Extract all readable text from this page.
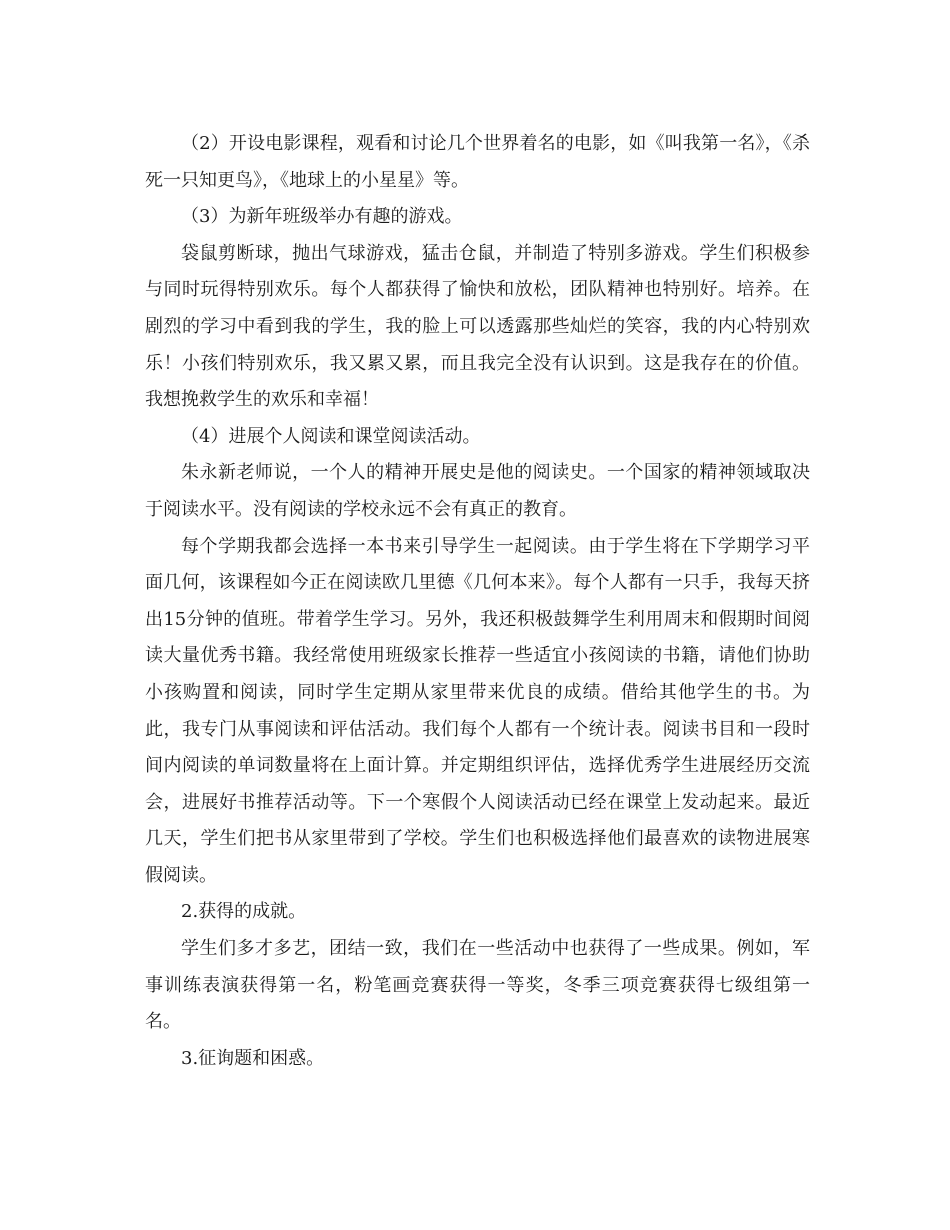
（2）开设电影课程，观看和讨论几个世界着名的电影，如《叫我第一名》，《杀死一只知更鸟》，《地球上的小星星》等。

（3）为新年班级举办有趣的游戏。

袋鼠剪断球，抛出气球游戏，猛击仓鼠，并制造了特别多游戏。学生们积极参与同时玩得特别欢乐。每个人都获得了愉快和放松，团队精神也特别好。培养。在剧烈的学习中看到我的学生，我的脸上可以透露那些灿烂的笑容，我的内心特别欢乐！小孩们特别欢乐，我又累又累，而且我完全没有认识到。这是我存在的价值。我想挽救学生的欢乐和幸福！

（4）进展个人阅读和课堂阅读活动。

朱永新老师说，一个人的精神开展史是他的阅读史。一个国家的精神领域取决于阅读水平。没有阅读的学校永远不会有真正的教育。

每个学期我都会选择一本书来引导学生一起阅读。由于学生将在下学期学习平面几何，该课程如今正在阅读欧几里德《几何本来》。每个人都有一只手，我每天挤出15分钟的值班。带着学生学习。另外，我还积极鼓舞学生利用周末和假期时间阅读大量优秀书籍。我经常使用班级家长推荐一些适宜小孩阅读的书籍，请他们协助小孩购置和阅读，同时学生定期从家里带来优良的成绩。借给其他学生的书。为此，我专门从事阅读和评估活动。我们每个人都有一个统计表。阅读书目和一段时间内阅读的单词数量将在上面计算。并定期组织评估，选择优秀学生进展经历交流会，进展好书推荐活动等。下一个寒假个人阅读活动已经在课堂上发动起来。最近几天，学生们把书从家里带到了学校。学生们也积极选择他们最喜欢的读物进展寒假阅读。

2.获得的成就。

学生们多才多艺，团结一致，我们在一些活动中也获得了一些成果。例如，军事训练表演获得第一名，粉笔画竞赛获得一等奖，冬季三项竞赛获得七级组第一名。

3.征询题和困惑。
